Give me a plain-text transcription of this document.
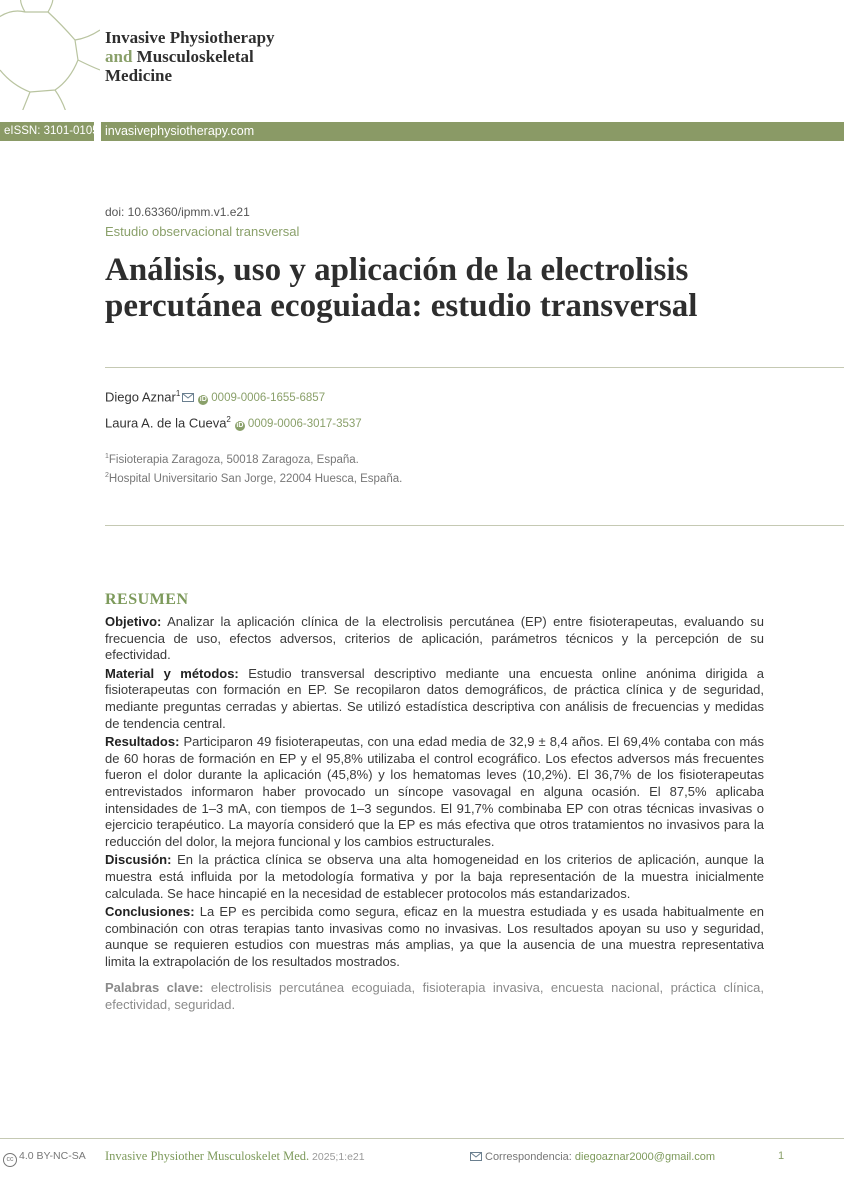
Invasive Physiotherapy
and Musculoskeletal
Medicine
eISSN: 3101-0105 invasivephysiotherapy.com
doi: 10.63360/ipmm.v1.e21
Estudio observacional transversal
Análisis, uso y aplicación de la electrolisis percutánea ecoguiada: estudio transversal
Diego Aznar$^1$iD 0009-0006-1655-6857
Laura A. de la Cueva$^2$iD 0009-0006-3017-3537
$^1$Fisioterapia Zaragoza, 50018 Zaragoza, España.
$^2$Hospital Universitario San Jorge, 22004 Huesca, España.
RESUMEN

Objetivo: Analizar la aplicación clínica de la electrolisis percutánea (EP) entre fisioterapeutas, evaluando su frecuencia de uso, efectos adversos, criterios de aplicación, parámetros técnicos y la percepción de su efectividad.

Material y métodos: Estudio transversal descriptivo mediante una encuesta online anónima dirigida a fisioterapeutas con formación en EP. Se recopilaron datos demográficos, de práctica clínica y de seguridad, mediante preguntas cerradas y abiertas. Se utilizó estadística descriptiva con análisis de frecuencias y medidas de tendencia central.

Resultados: Participaron 49 fisioterapeutas, con una edad media de 32,9 ± 8,4 años. El 69,4% contaba con más de 60 horas de formación en EP y el 95,8% utilizaba el control ecográfico. Los efectos adversos más frecuentes fueron el dolor durante la aplicación (45,8%) y los hematomas leves (10,2%). El 36,7% de los fisioterapeutas entrevistados informaron haber provocado un síncope vasovagal en alguna ocasión. El 87,5% aplicaba intensidades de 1–3 mA, con tiempos de 1–3 segundos. El 91,7% combinaba EP con otras técnicas invasivas o ejercicio terapéutico. La mayoría consideró que la EP es más efectiva que otros tratamientos no invasivos para la reducción del dolor, la mejora funcional y los cambios estructurales.

Discusión: En la práctica clínica se observa una alta homogeneidad en los criterios de aplicación, aunque la muestra está influida por la metodología formativa y por la baja representación de la muestra inicialmente calculada. Se hace hincapié en la necesidad de establecer protocolos más estandarizados.

Conclusiones: La EP es percibida como segura, eficaz en la muestra estudiada y es usada habitualmente en combinación con otras terapias tanto invasivas como no invasivas. Los resultados apoyan su uso y seguridad, aunque se requieren estudios con muestras más amplias, ya que la ausencia de una muestra representativa limita la extrapolación de los resultados mostrados.

Palabras clave: electrolisis percutánea ecoguiada, fisioterapia invasiva, encuesta nacional, práctica clínica, efectividad, seguridad.

cc 4.0 BY-NC-SA Invasive Physiother Musculoskelet Med. 2025;1:e21	Correspondencia: diegoaznar2000@gmail.com	1
